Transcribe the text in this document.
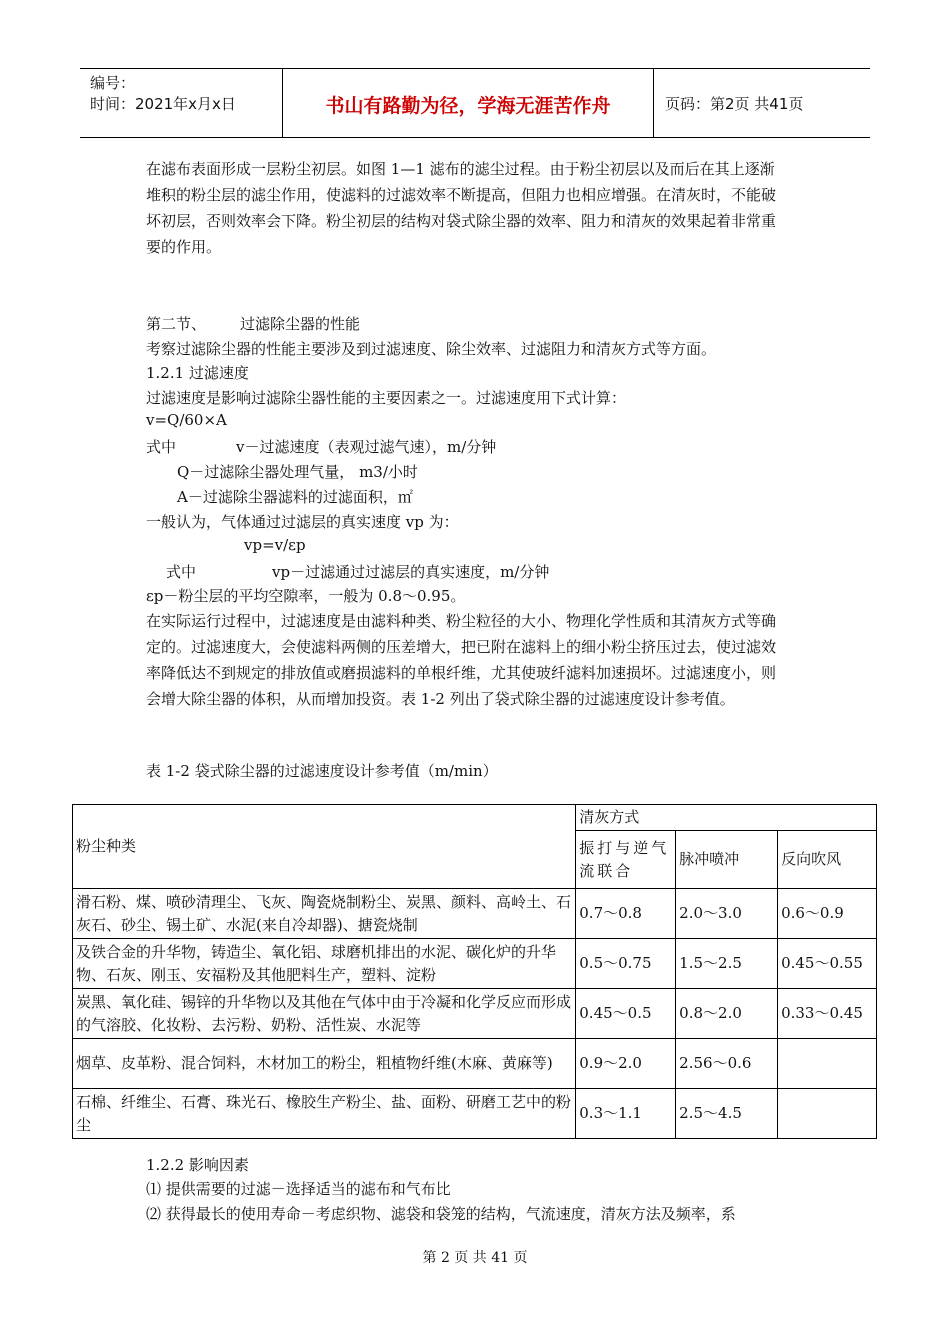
编号：
时间：2021年x月x日	书山有路勤为径，学海无涯苦作舟	页码：第2页 共41页
在滤布表面形成一层粉尘初层。如图 1—1 滤布的滤尘过程。由于粉尘初层以及而后在其上逐渐堆积的粉尘层的滤尘作用，使滤料的过滤效率不断提高，但阻力也相应增强。在清灰时，不能破坏初层，否则效率会下降。粉尘初层的结构对袋式除尘器的效率、阻力和清灰的效果起着非常重要的作用。
第二节、 过滤除尘器的性能
考察过滤除尘器的性能主要涉及到过滤速度、除尘效率、过滤阻力和清灰方式等方面。
1.2.1 过滤速度
过滤速度是影响过滤除尘器性能的主要因素之一。过滤速度用下式计算：
v=Q/60×A
式中	v－过滤速度（表观过滤气速），m/分钟
Q－过滤除尘器处理气量， m3/小时
A－过滤除尘器滤料的过滤面积，㎡
一般认为，气体通过过滤层的真实速度 vp 为：
vp=v/εp
式中	vp－过滤通过过滤层的真实速度，m/分钟
εp－粉尘层的平均空隙率，一般为 0.8～0.95。
在实际运行过程中，过滤速度是由滤料种类、粉尘粒径的大小、物理化学性质和其清灰方式等确定的。过滤速度大，会使滤料两侧的压差增大，把已附在滤料上的细小粉尘挤压过去，使过滤效率降低达不到规定的排放值或磨损滤料的单根纤维，尤其使玻纤滤料加速损坏。过滤速度小，则会增大除尘器的体积，从而增加投资。表 1-2 列出了袋式除尘器的过滤速度设计参考值。
表 1-2 袋式除尘器的过滤速度设计参考值（m/min）
粉尘种类	清灰方式		
	振打与逆气流联合	脉冲喷冲	反向吹风
滑石粉、煤、喷砂清理尘、飞灰、陶瓷烧制粉尘、炭黑、颜料、高岭土、石灰石、砂尘、锡土矿、水泥(来自冷却器)、搪瓷烧制	0.7～0.8	2.0～3.0	0.6～0.9
及铁合金的升华物，铸造尘、氧化铝、球磨机排出的水泥、碳化炉的升华物、石灰、刚玉、安福粉及其他肥料生产，塑料、淀粉	0.5～0.75	1.5～2.5	0.45～0.55
炭黑、氧化硅、锡锌的升华物以及其他在气体中由于冷凝和化学反应而形成的气溶胶、化妆粉、去污粉、奶粉、活性炭、水泥等	0.45～0.5	0.8～2.0	0.33～0.45
烟草、皮革粉、混合饲料，木材加工的粉尘，粗植物纤维(木麻、黄麻等)	0.9～2.0	2.56～0.6	
石棉、纤维尘、石膏、珠光石、橡胶生产粉尘、盐、面粉、研磨工艺中的粉尘	0.3～1.1	2.5～4.5	
1.2.2 影响因素
⑴ 提供需要的过滤－选择适当的滤布和气布比
⑵ 获得最长的使用寿命－考虑织物、滤袋和袋笼的结构，气流速度，清灰方法及频率，系
第 2 页 共 41 页
